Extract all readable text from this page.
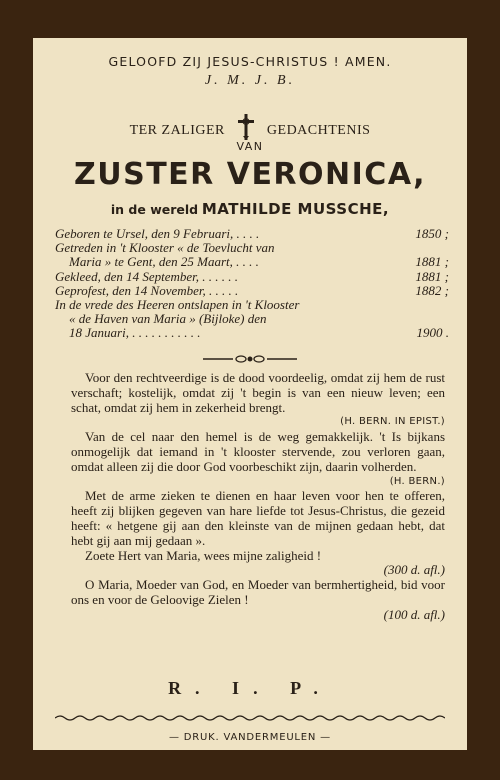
GELOOFD ZIJ JESUS-CHRISTUS ! AMEN.
J. M. J. B.
TER ZALIGER	GEDACHTENIS
VAN
ZUSTER VERONICA,
in de wereld MATHILDE MUSSCHE,
Geboren te Ursel, den 9 Februari, . . . .	1850 ;
Getreden in 't Klooster « de Toevlucht van
Maria » te Gent, den 25 Maart, . . . .	1881 ;
Gekleed, den 14 September, . . . . . .	1881 ;
Geprofest, den 14 November, . . . . .	1882 ;
In de vrede des Heeren ontslapen in 't Klooster
« de Haven van Maria » (Bijloke) den
18 Januari, . . . . . . . . . . .	1900 .

Voor den rechtveerdige is de dood voordeelig, omdat zij hem de rust verschaft; kostelijk, omdat zij 't begin is van een nieuw leven; een schat, omdat zij hem in zekerheid brengt.

(H. BERN. IN EPIST.)

Van de cel naar den hemel is de weg gemakkelijk. 't Is bijkans onmogelijk dat iemand in 't klooster stervende, zou verloren gaan, omdat alleen zij die door God voorbeschikt zijn, daarin volherden.

(H. BERN.)

Met de arme zieken te dienen en haar leven voor hen te offeren, heeft zij blijken gegeven van hare liefde tot Jesus-Christus, die gezeid heeft: « hetgene gij aan den kleinste van de mijnen gedaan hebt, dat hebt gij aan mij gedaan ».

Zoete Hert van Maria, wees mijne zaligheid !

(300 d. afl.)

O Maria, Moeder van God, en Moeder van bermhertigheid, bid voor ons en voor de Geloovige Zielen !

(100 d. afl.)
R. I. P.
— DRUK. VANDERMEULEN —
